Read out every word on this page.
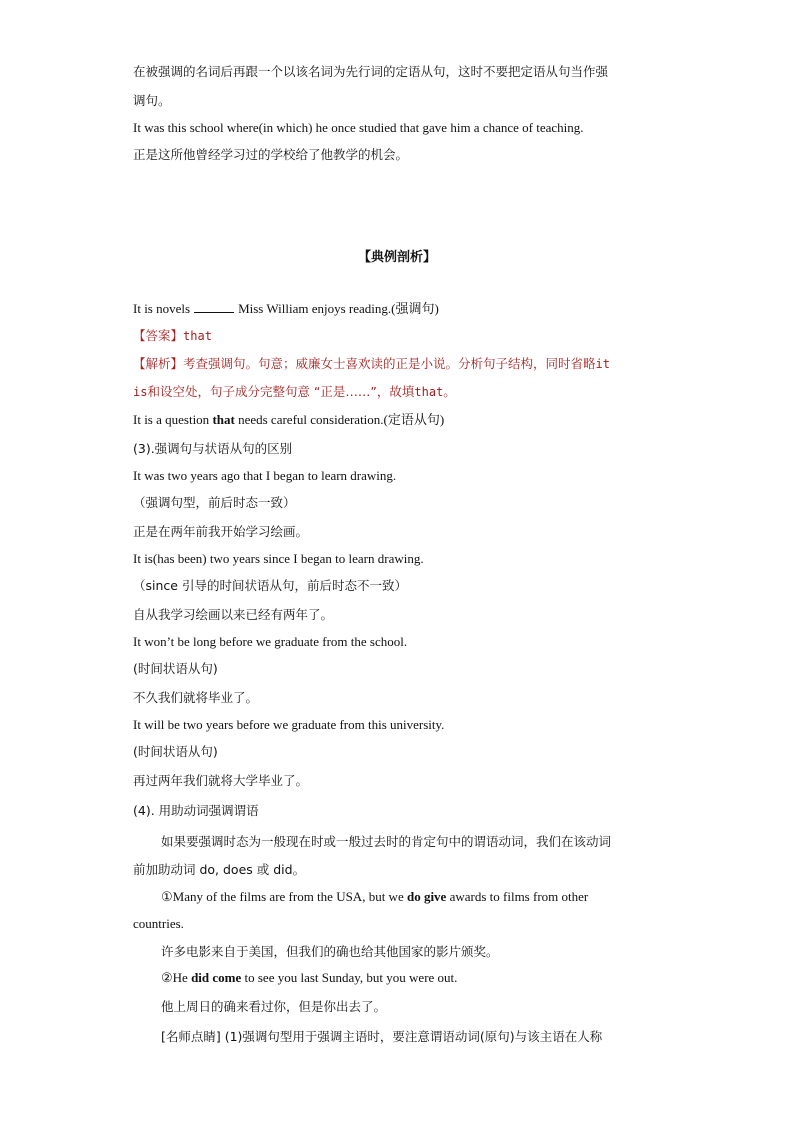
在被强调的名词后再跟一个以该名词为先行词的定语从句，这时不要把定语从句当作强
调句。
It was this school where(in which) he once studied that gave him a chance of teaching.
正是这所他曾经学习过的学校给了他教学的机会。
【典例剖析】
It is novels	Miss William enjoys reading.(强调句)
【答案】that
【解析】考查强调句。句意；威廉女士喜欢读的正是小说。分析句子结构，同时省略it
is和设空处，句子成分完整句意 “正是……”，故填that。
It is a question that needs careful consideration.(定语从句)
(3).强调句与状语从句的区别
It was two years ago that I began to learn drawing.
（强调句型，前后时态一致）
正是在两年前我开始学习绘画。
It is(has been) two years since I began to learn drawing.
（since 引导的时间状语从句，前后时态不一致）
自从我学习绘画以来已经有两年了。
It won’t be long before we graduate from the school.
(时间状语从句)
不久我们就将毕业了。
It will be two years before we graduate from this university.
(时间状语从句)
再过两年我们就将大学毕业了。
(4). 用助动词强调谓语
如果要强调时态为一般现在时或一般过去时的肯定句中的谓语动词，我们在该动词
前加助动词 do, does 或 did。
①Many of the films are from the USA, but we do give awards to films from other
countries.
许多电影来自于美国，但我们的确也给其他国家的影片颁奖。
②He did come to see you last Sunday, but you were out.
他上周日的确来看过你，但是你出去了。
[名师点睛] (1)强调句型用于强调主语时，要注意谓语动词(原句)与该主语在人称
